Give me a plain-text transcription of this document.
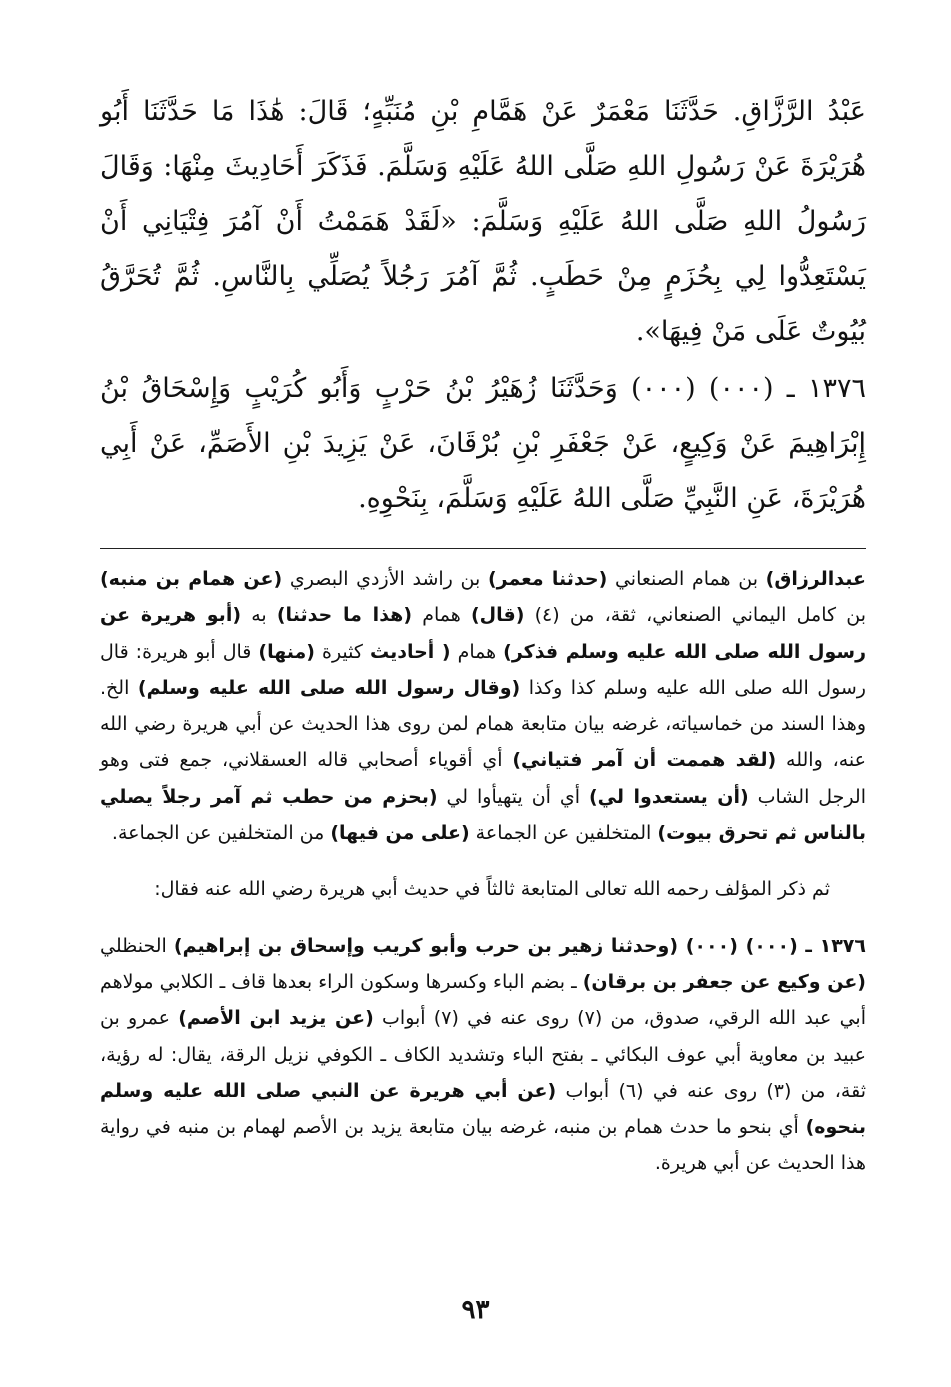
عَبْدُ الرَّزَّاقِ. حَدَّثَنَا مَعْمَرٌ عَنْ هَمَّامِ بْنِ مُنَبِّهٍ؛ قَالَ: هَٰذَا مَا حَدَّثَنَا أَبُو هُرَيْرَةَ عَنْ رَسُولِ اللهِ صَلَّى اللهُ عَلَيْهِ وَسَلَّمَ. فَذَكَرَ أَحَادِيثَ مِنْهَا: وَقَالَ رَسُولُ اللهِ صَلَّى اللهُ عَلَيْهِ وَسَلَّمَ: «لَقَدْ هَمَمْتُ أَنْ آمُرَ فِتْيَانِي أَنْ يَسْتَعِدُّوا لِي بِحُزَمٍ مِنْ حَطَبٍ. ثُمَّ آمُرَ رَجُلاً يُصَلِّي بِالنَّاسِ. ثُمَّ تُحَرَّقُ بُيُوتٌ عَلَى مَنْ فِيهَا».

١٣٧٦ ـ (٠٠٠) (٠٠٠) وَحَدَّثَنَا زُهَيْرُ بْنُ حَرْبٍ وَأَبُو كُرَيْبٍ وَإِسْحَاقُ بْنُ إِبْرَاهِيمَ عَنْ وَكِيعٍ، عَنْ جَعْفَرِ بْنِ بُرْقَانَ، عَنْ يَزِيدَ بْنِ الأَصَمِّ، عَنْ أَبِي هُرَيْرَةَ، عَنِ النَّبِيِّ صَلَّى اللهُ عَلَيْهِ وَسَلَّمَ، بِنَحْوِهِ.

عبدالرزاق) بن همام الصنعاني (حدثنا معمر) بن راشد الأزدي البصري (عن همام بن منبه) بن كامل اليماني الصنعاني، ثقة، من (٤) (قال) همام (هذا ما حدثنا) به (أبو هريرة عن رسول الله صلى الله عليه وسلم فذكر) همام ( أحاديث كثيرة (منها) قال أبو هريرة: قال رسول الله صلى الله عليه وسلم كذا وكذا (وقال رسول الله صلى الله عليه وسلم) الخ. وهذا السند من خماسياته، غرضه بيان متابعة همام لمن روى هذا الحديث عن أبي هريرة رضي الله عنه، والله (لقد هممت أن آمر فتياني) أي أقوياء أصحابي قاله العسقلاني، جمع فتى وهو الرجل الشاب (أن يستعدوا لي) أي أن يتهيأوا لي (بحزم من حطب ثم آمر رجلاً يصلي بالناس ثم تحرق بيوت) المتخلفين عن الجماعة (على من فيها) من المتخلفين عن الجماعة.

ثم ذكر المؤلف رحمه الله تعالى المتابعة ثالثاً في حديث أبي هريرة رضي الله عنه فقال:

١٣٧٦ ـ (٠٠٠) (٠٠٠) (وحدثنا زهير بن حرب وأبو كريب وإسحاق بن إبراهيم) الحنظلي (عن وكيع عن جعفر بن برقان) ـ بضم الباء وكسرها وسكون الراء بعدها قاف ـ الكلابي مولاهم أبي عبد الله الرقي، صدوق، من (٧) روى عنه في (٧) أبواب (عن يزيد ابن الأصم) عمرو بن عبيد بن معاوية أبي عوف البكائي ـ بفتح الباء وتشديد الكاف ـ الكوفي نزيل الرقة، يقال: له رؤية، ثقة، من (٣) روى عنه في (٦) أبواب (عن أبي هريرة عن النبي صلى الله عليه وسلم بنحوه) أي بنحو ما حدث همام بن منبه، غرضه بيان متابعة يزيد بن الأصم لهمام بن منبه في رواية هذا الحديث عن أبي هريرة.

٩٣
